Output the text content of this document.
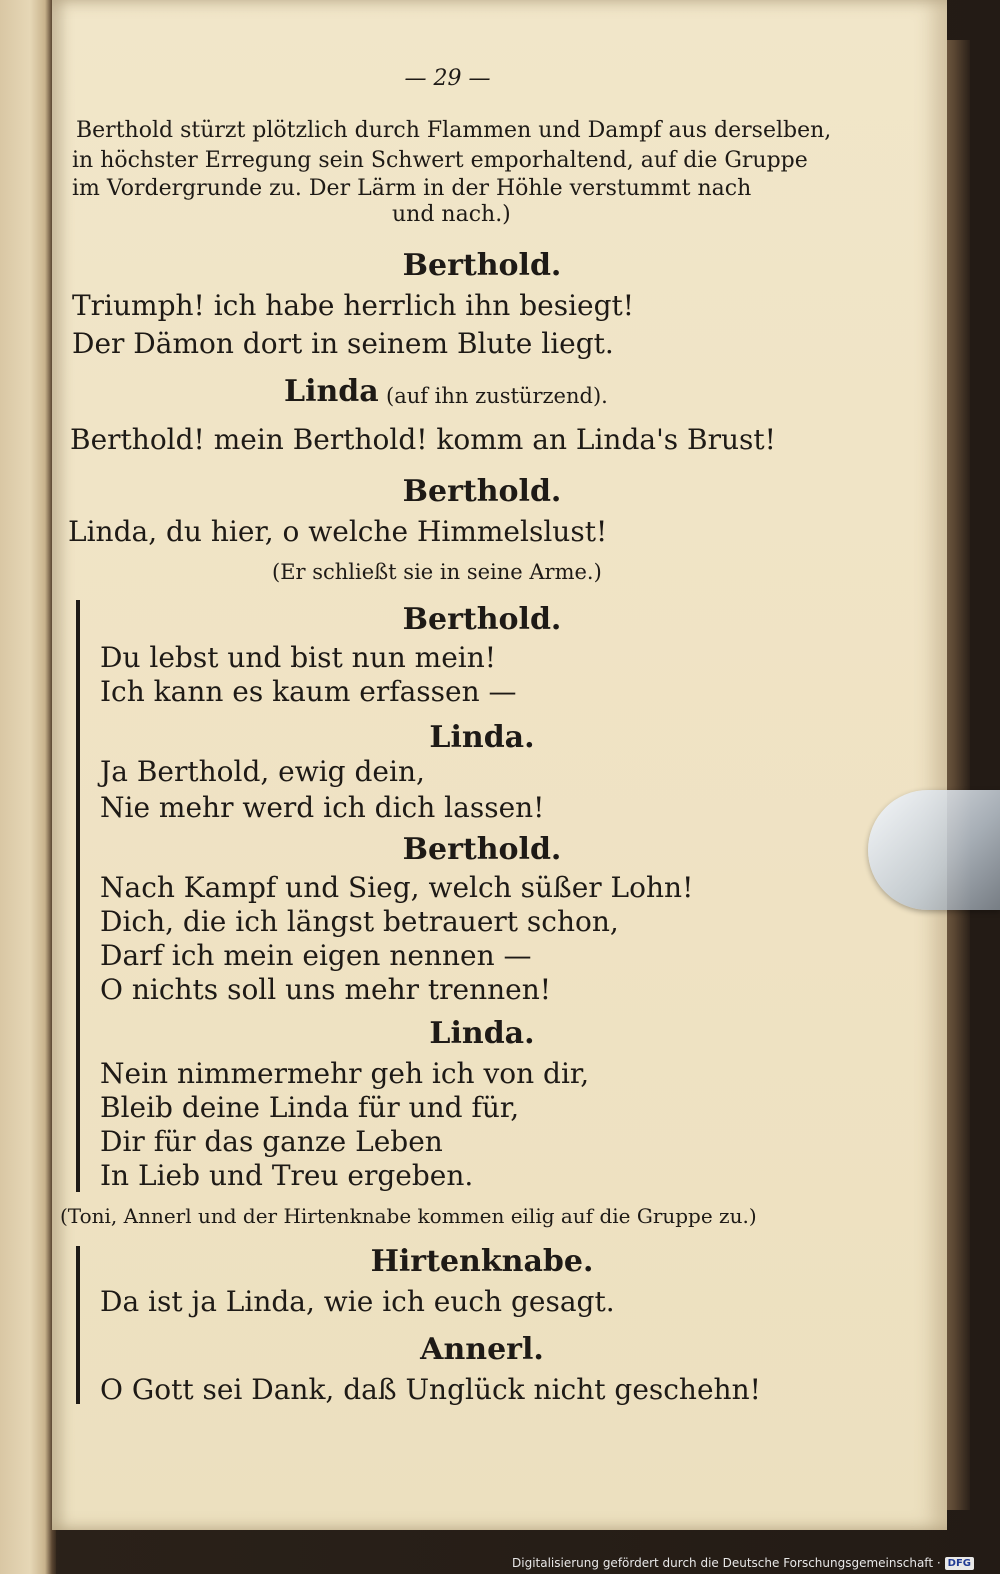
— 29 —

Berthold stürzt plötzlich durch Flammen und Dampf aus derselben,

in höchster Erregung sein Schwert emporhaltend, auf die Gruppe

im Vordergrunde zu. Der Lärm in der Höhle verstummt nach

und nach.)

Berthold.

Triumph! ich habe herrlich ihn besiegt!

Der Dämon dort in seinem Blute liegt.

Linda (auf ihn zustürzend).

Berthold! mein Berthold! komm an Linda's Brust!

Berthold.

Linda, du hier, o welche Himmelslust!

(Er schließt sie in seine Arme.)

Berthold.

Du lebst und bist nun mein!

Ich kann es kaum erfassen —

Linda.

Ja Berthold, ewig dein,

Nie mehr werd ich dich lassen!

Berthold.

Nach Kampf und Sieg, welch süßer Lohn!

Dich, die ich längst betrauert schon,

Darf ich mein eigen nennen —

O nichts soll uns mehr trennen!

Linda.

Nein nimmermehr geh ich von dir,

Bleib deine Linda für und für,

Dir für das ganze Leben

In Lieb und Treu ergeben.

(Toni, Annerl und der Hirtenknabe kommen eilig auf die Gruppe zu.)

Hirtenknabe.

Da ist ja Linda, wie ich euch gesagt.

Annerl.

O Gott sei Dank, daß Unglück nicht geschehn!

Digitalisierung gefördert durch die Deutsche Forschungsgemeinschaft · DFG
